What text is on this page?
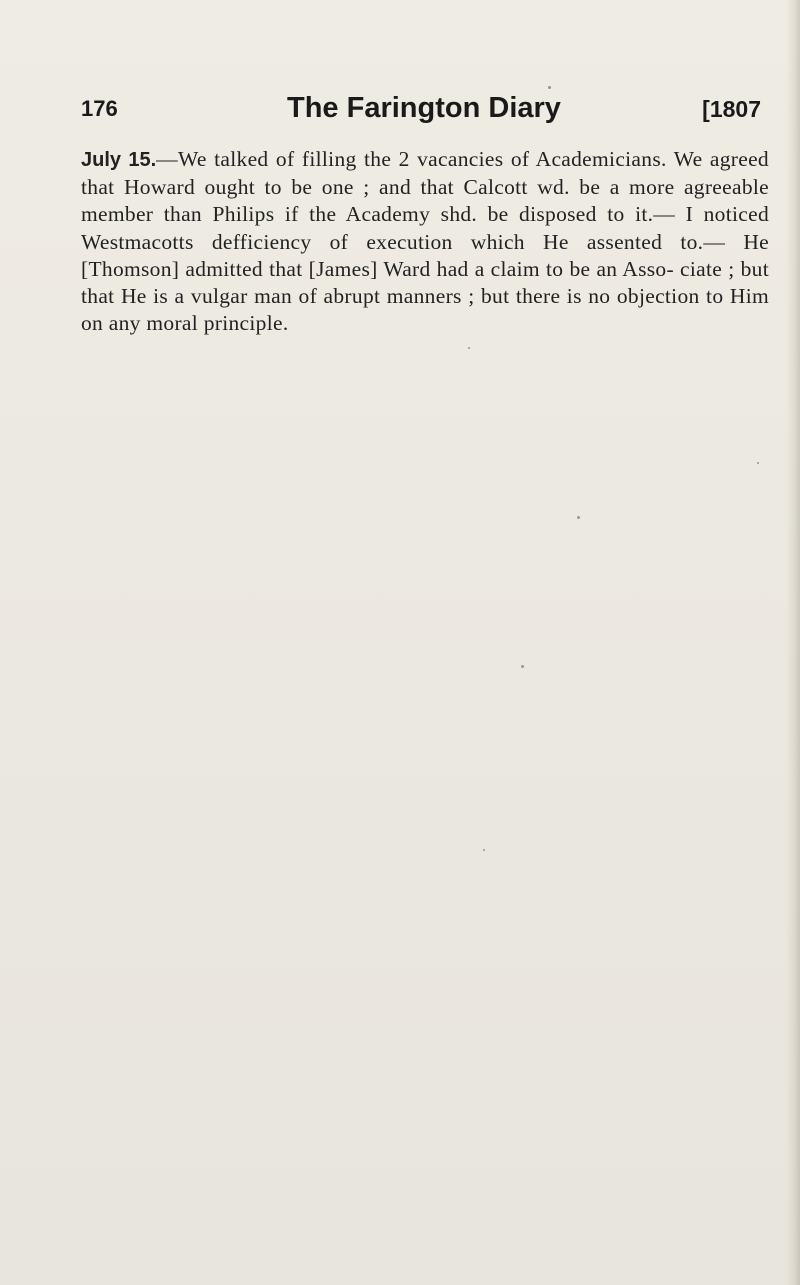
176	The Farington Diary	[1807
July 15.—We talked of filling the 2 vacancies of Academicians. We agreed that Howard ought to be one ; and that Calcott wd. be a more agreeable member than Philips if the Academy shd. be disposed to it.— I noticed Westmacotts defficiency of execution which He assented to.— He [Thomson] admitted that [James] Ward had a claim to be an Asso- ciate ; but that He is a vulgar man of abrupt manners ; but there is no objection to Him on any moral principle.
